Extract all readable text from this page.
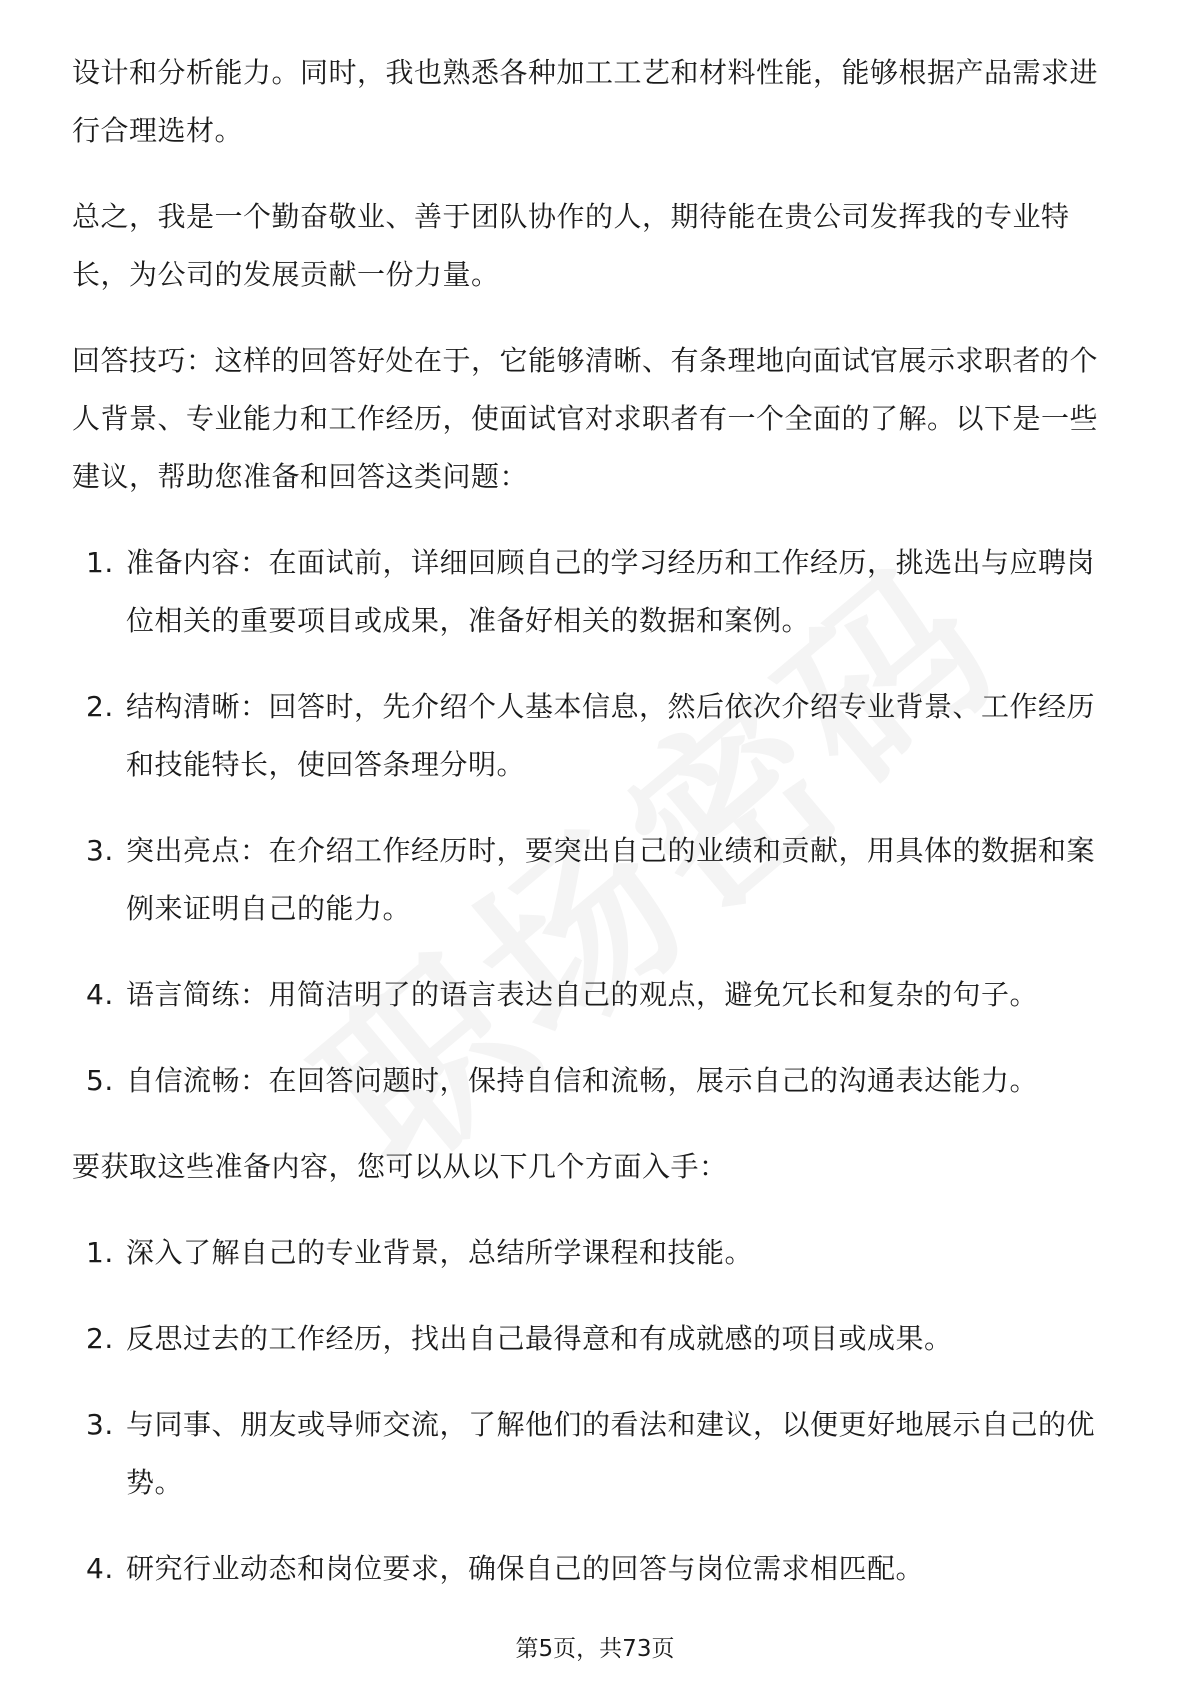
设计和分析能力。同时，我也熟悉各种加工工艺和材料性能，能够根据产品需求进行合理选材。

总之，我是一个勤奋敬业、善于团队协作的人，期待能在贵公司发挥我的专业特长，为公司的发展贡献一份力量。

回答技巧：这样的回答好处在于，它能够清晰、有条理地向面试官展示求职者的个人背景、专业能力和工作经历，使面试官对求职者有一个全面的了解。以下是一些建议，帮助您准备和回答这类问题：

1. 准备内容：在面试前，详细回顾自己的学习经历和工作经历，挑选出与应聘岗位相关的重要项目或成果，准备好相关的数据和案例。
2. 结构清晰：回答时，先介绍个人基本信息，然后依次介绍专业背景、工作经历和技能特长，使回答条理分明。
3. 突出亮点：在介绍工作经历时，要突出自己的业绩和贡献，用具体的数据和案例来证明自己的能力。
4. 语言简练：用简洁明了的语言表达自己的观点，避免冗长和复杂的句子。
5. 自信流畅：在回答问题时，保持自信和流畅，展示自己的沟通表达能力。

要获取这些准备内容，您可以从以下几个方面入手：

1. 深入了解自己的专业背景，总结所学课程和技能。
2. 反思过去的工作经历，找出自己最得意和有成就感的项目或成果。
3. 与同事、朋友或导师交流，了解他们的看法和建议，以便更好地展示自己的优势。
4. 研究行业动态和岗位要求，确保自己的回答与岗位需求相匹配。
第5页，共73页
